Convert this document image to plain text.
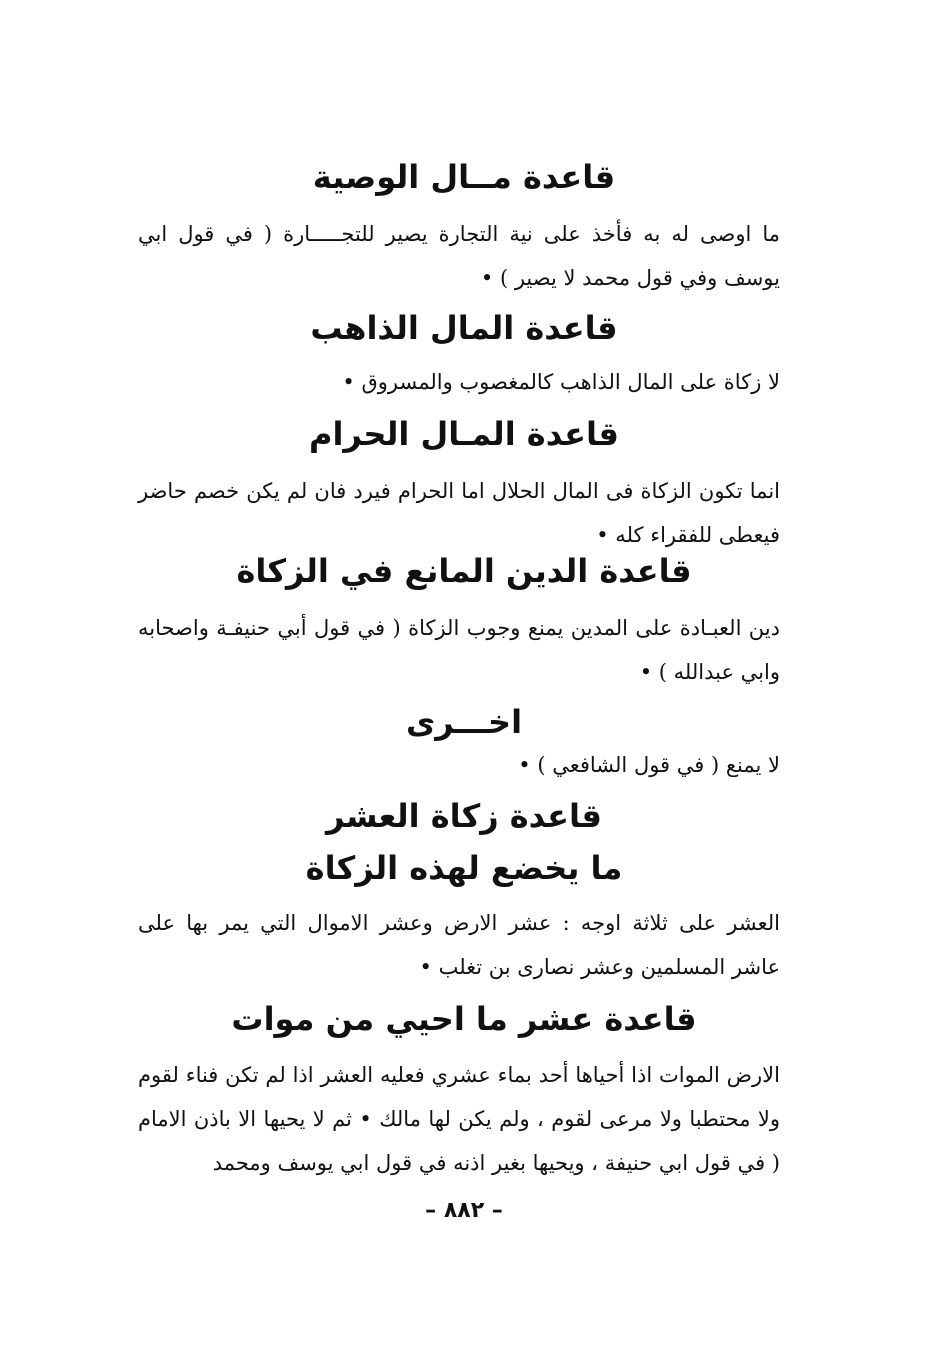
قاعدة مــال الوصية
ما اوصى له به فأخذ على نية التجارة يصير للتجـــــارة ( في قول ابي يوسف وفي قول محمد لا يصير ) •
قاعدة المال الذاهب
لا زكاة على المال الذاهب كالمغصوب والمسروق •
قاعدة المـال الحرام
انما تكون الزكاة فى المال الحلال اما الحرام فيرد فان لم يكن خصم حاضر فيعطى للفقراء كله •
قاعدة الدين المانع في الزكاة
دين العبـادة على المدين يمنع وجوب الزكاة ( في قول أبي حنيفـة واصحابه وابي عبدالله ) •
اخـــرى
لا يمنع ( في قول الشافعي ) •
قاعدة زكاة العشر
ما يخضع لهذه الزكاة
العشر على ثلاثة اوجه : عشر الارض وعشر الاموال التي يمر بها على عاشر المسلمين وعشر نصارى بن تغلب •
قاعدة عشر ما احيي من موات
الارض الموات اذا أحياها أحد بماء عشري فعليه العشر اذا لم تكن فناء لقوم ولا محتطبا ولا مرعى لقوم ، ولم يكن لها مالك • ثم لا يحيها الا باذن الامام ( في قول ابي حنيفة ، ويحيها بغير اذنه في قول ابي يوسف ومحمد
– ٨٨٢ –
